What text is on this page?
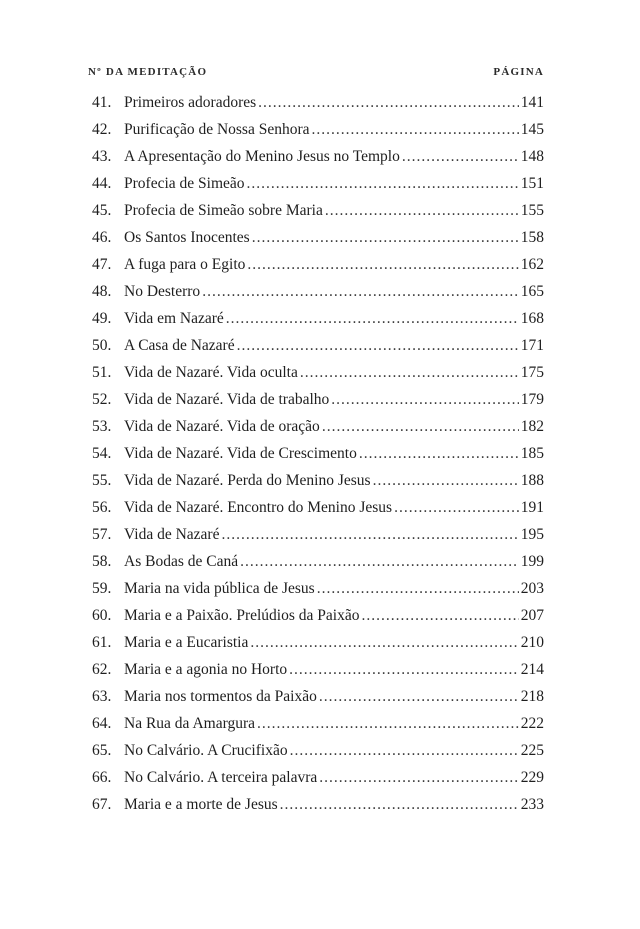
Nº DA MEDITAÇÃO	PÁGINA
41. Primeiros adoradores .....	141
42. Purificação de Nossa Senhora .....	145
43. A Apresentação do Menino Jesus no Templo .....	148
44. Profecia de Simeão .....	151
45. Profecia de Simeão sobre Maria .....	155
46. Os Santos Inocentes .....	158
47. A fuga para o Egito .....	162
48. No Desterro .....	165
49. Vida em Nazaré .....	168
50. A Casa de Nazaré .....	171
51. Vida de Nazaré. Vida oculta .....	175
52. Vida de Nazaré. Vida de trabalho .....	179
53. Vida de Nazaré. Vida de oração .....	182
54. Vida de Nazaré. Vida de Crescimento .....	185
55. Vida de Nazaré. Perda do Menino Jesus .....	188
56. Vida de Nazaré. Encontro do Menino Jesus .....	191
57. Vida de Nazaré .....	195
58. As Bodas de Caná .....	199
59. Maria na vida pública de Jesus .....	203
60. Maria e a Paixão. Prelúdios da Paixão .....	207
61. Maria e a Eucaristia .....	210
62. Maria e a agonia no Horto .....	214
63. Maria nos tormentos da Paixão .....	218
64. Na Rua da Amargura .....	222
65. No Calvário. A Crucifixão .....	225
66. No Calvário. A terceira palavra .....	229
67. Maria e a morte de Jesus .....	233
